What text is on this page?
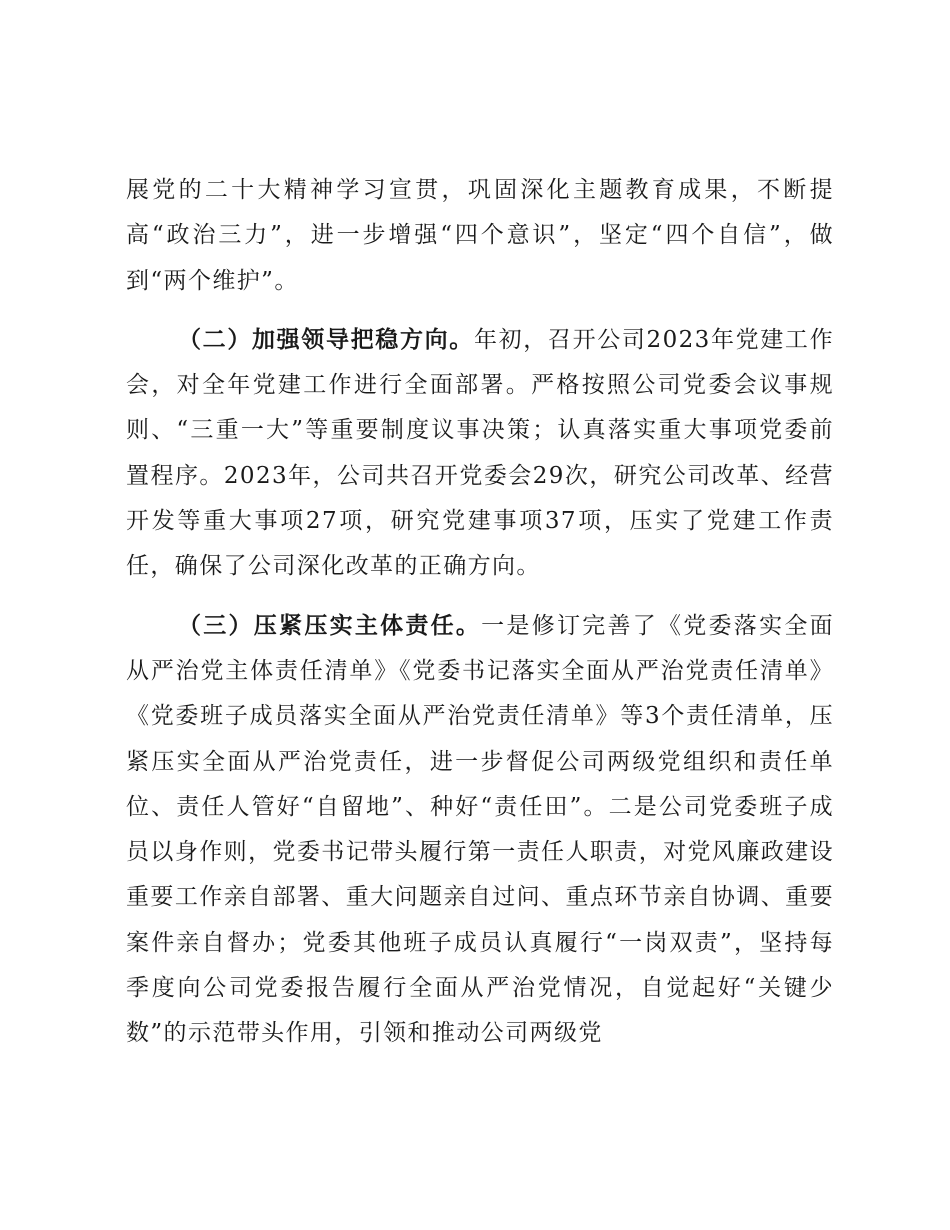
展党的二十大精神学习宣贯，巩固深化主题教育成果，不断提高“政治三力”，进一步增强“四个意识”，坚定“四个自信”，做到“两个维护”。

（二）加强领导把稳方向。年初，召开公司2023年党建工作会，对全年党建工作进行全面部署。严格按照公司党委会议事规则、“三重一大”等重要制度议事决策；认真落实重大事项党委前置程序。2023年，公司共召开党委会29次，研究公司改革、经营开发等重大事项27项，研究党建事项37项，压实了党建工作责任，确保了公司深化改革的正确方向。

（三）压紧压实主体责任。一是修订完善了《党委落实全面从严治党主体责任清单》《党委书记落实全面从严治党责任清单》《党委班子成员落实全面从严治党责任清单》等3个责任清单，压紧压实全面从严治党责任，进一步督促公司两级党组织和责任单位、责任人管好“自留地”、种好“责任田”。二是公司党委班子成员以身作则，党委书记带头履行第一责任人职责，对党风廉政建设重要工作亲自部署、重大问题亲自过问、重点环节亲自协调、重要案件亲自督办；党委其他班子成员认真履行“一岗双责”，坚持每季度向公司党委报告履行全面从严治党情况，自觉起好“关键少数”的示范带头作用，引领和推动公司两级党
